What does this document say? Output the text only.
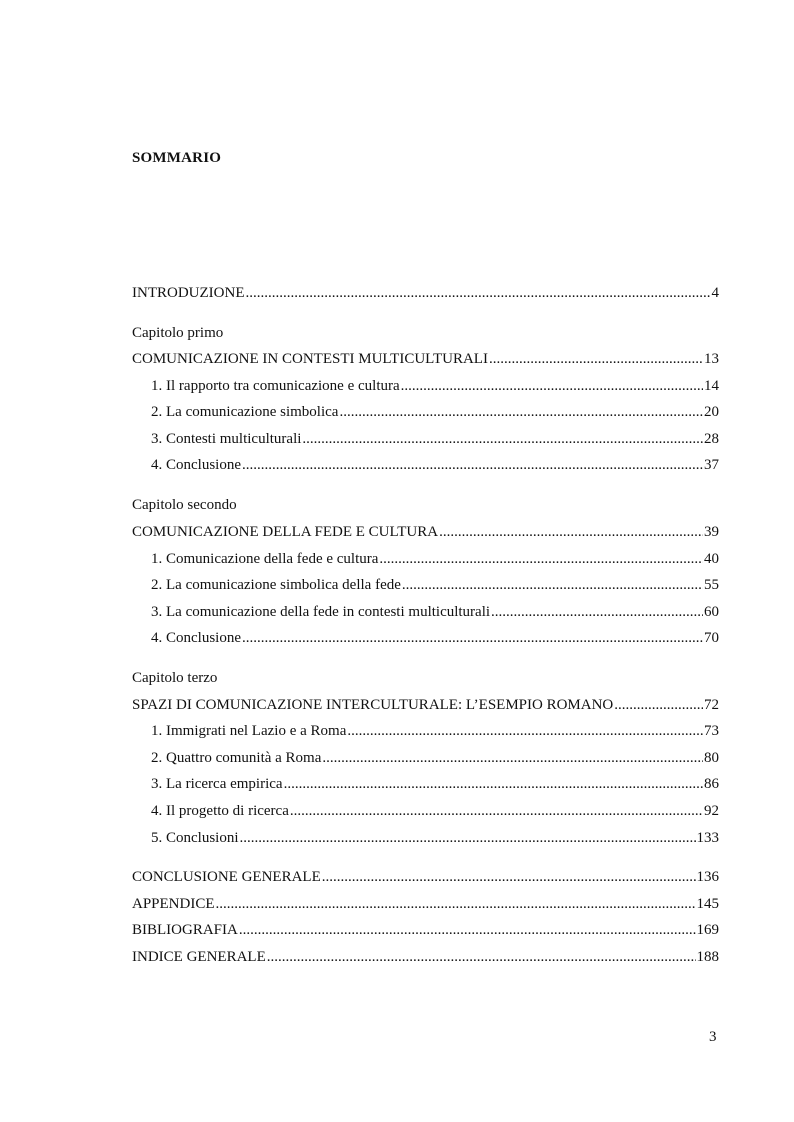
SOMMARIO
INTRODUZIONE .....	4
Capitolo primo
COMUNICAZIONE IN CONTESTI MULTICULTURALI .....	13
1. Il rapporto tra comunicazione e cultura .....	14
2. La comunicazione simbolica .....	20
3. Contesti multiculturali .....	28
4. Conclusione .....	37
Capitolo secondo
COMUNICAZIONE DELLA FEDE E CULTURA .....	39
1. Comunicazione della fede e cultura .....	40
2. La comunicazione simbolica della fede .....	55
3. La comunicazione della fede in contesti multiculturali .....	60
4. Conclusione .....	70
Capitolo terzo
SPAZI DI COMUNICAZIONE INTERCULTURALE: L’ESEMPIO ROMANO .....	72
1. Immigrati nel Lazio e a Roma .....	73
2. Quattro comunità a Roma .....	80
3. La ricerca empirica .....	86
4. Il progetto di ricerca .....	92
5. Conclusioni .....	133
CONCLUSIONE GENERALE .....	136
APPENDICE .....	145
BIBLIOGRAFIA .....	169
INDICE GENERALE .....	188
3
